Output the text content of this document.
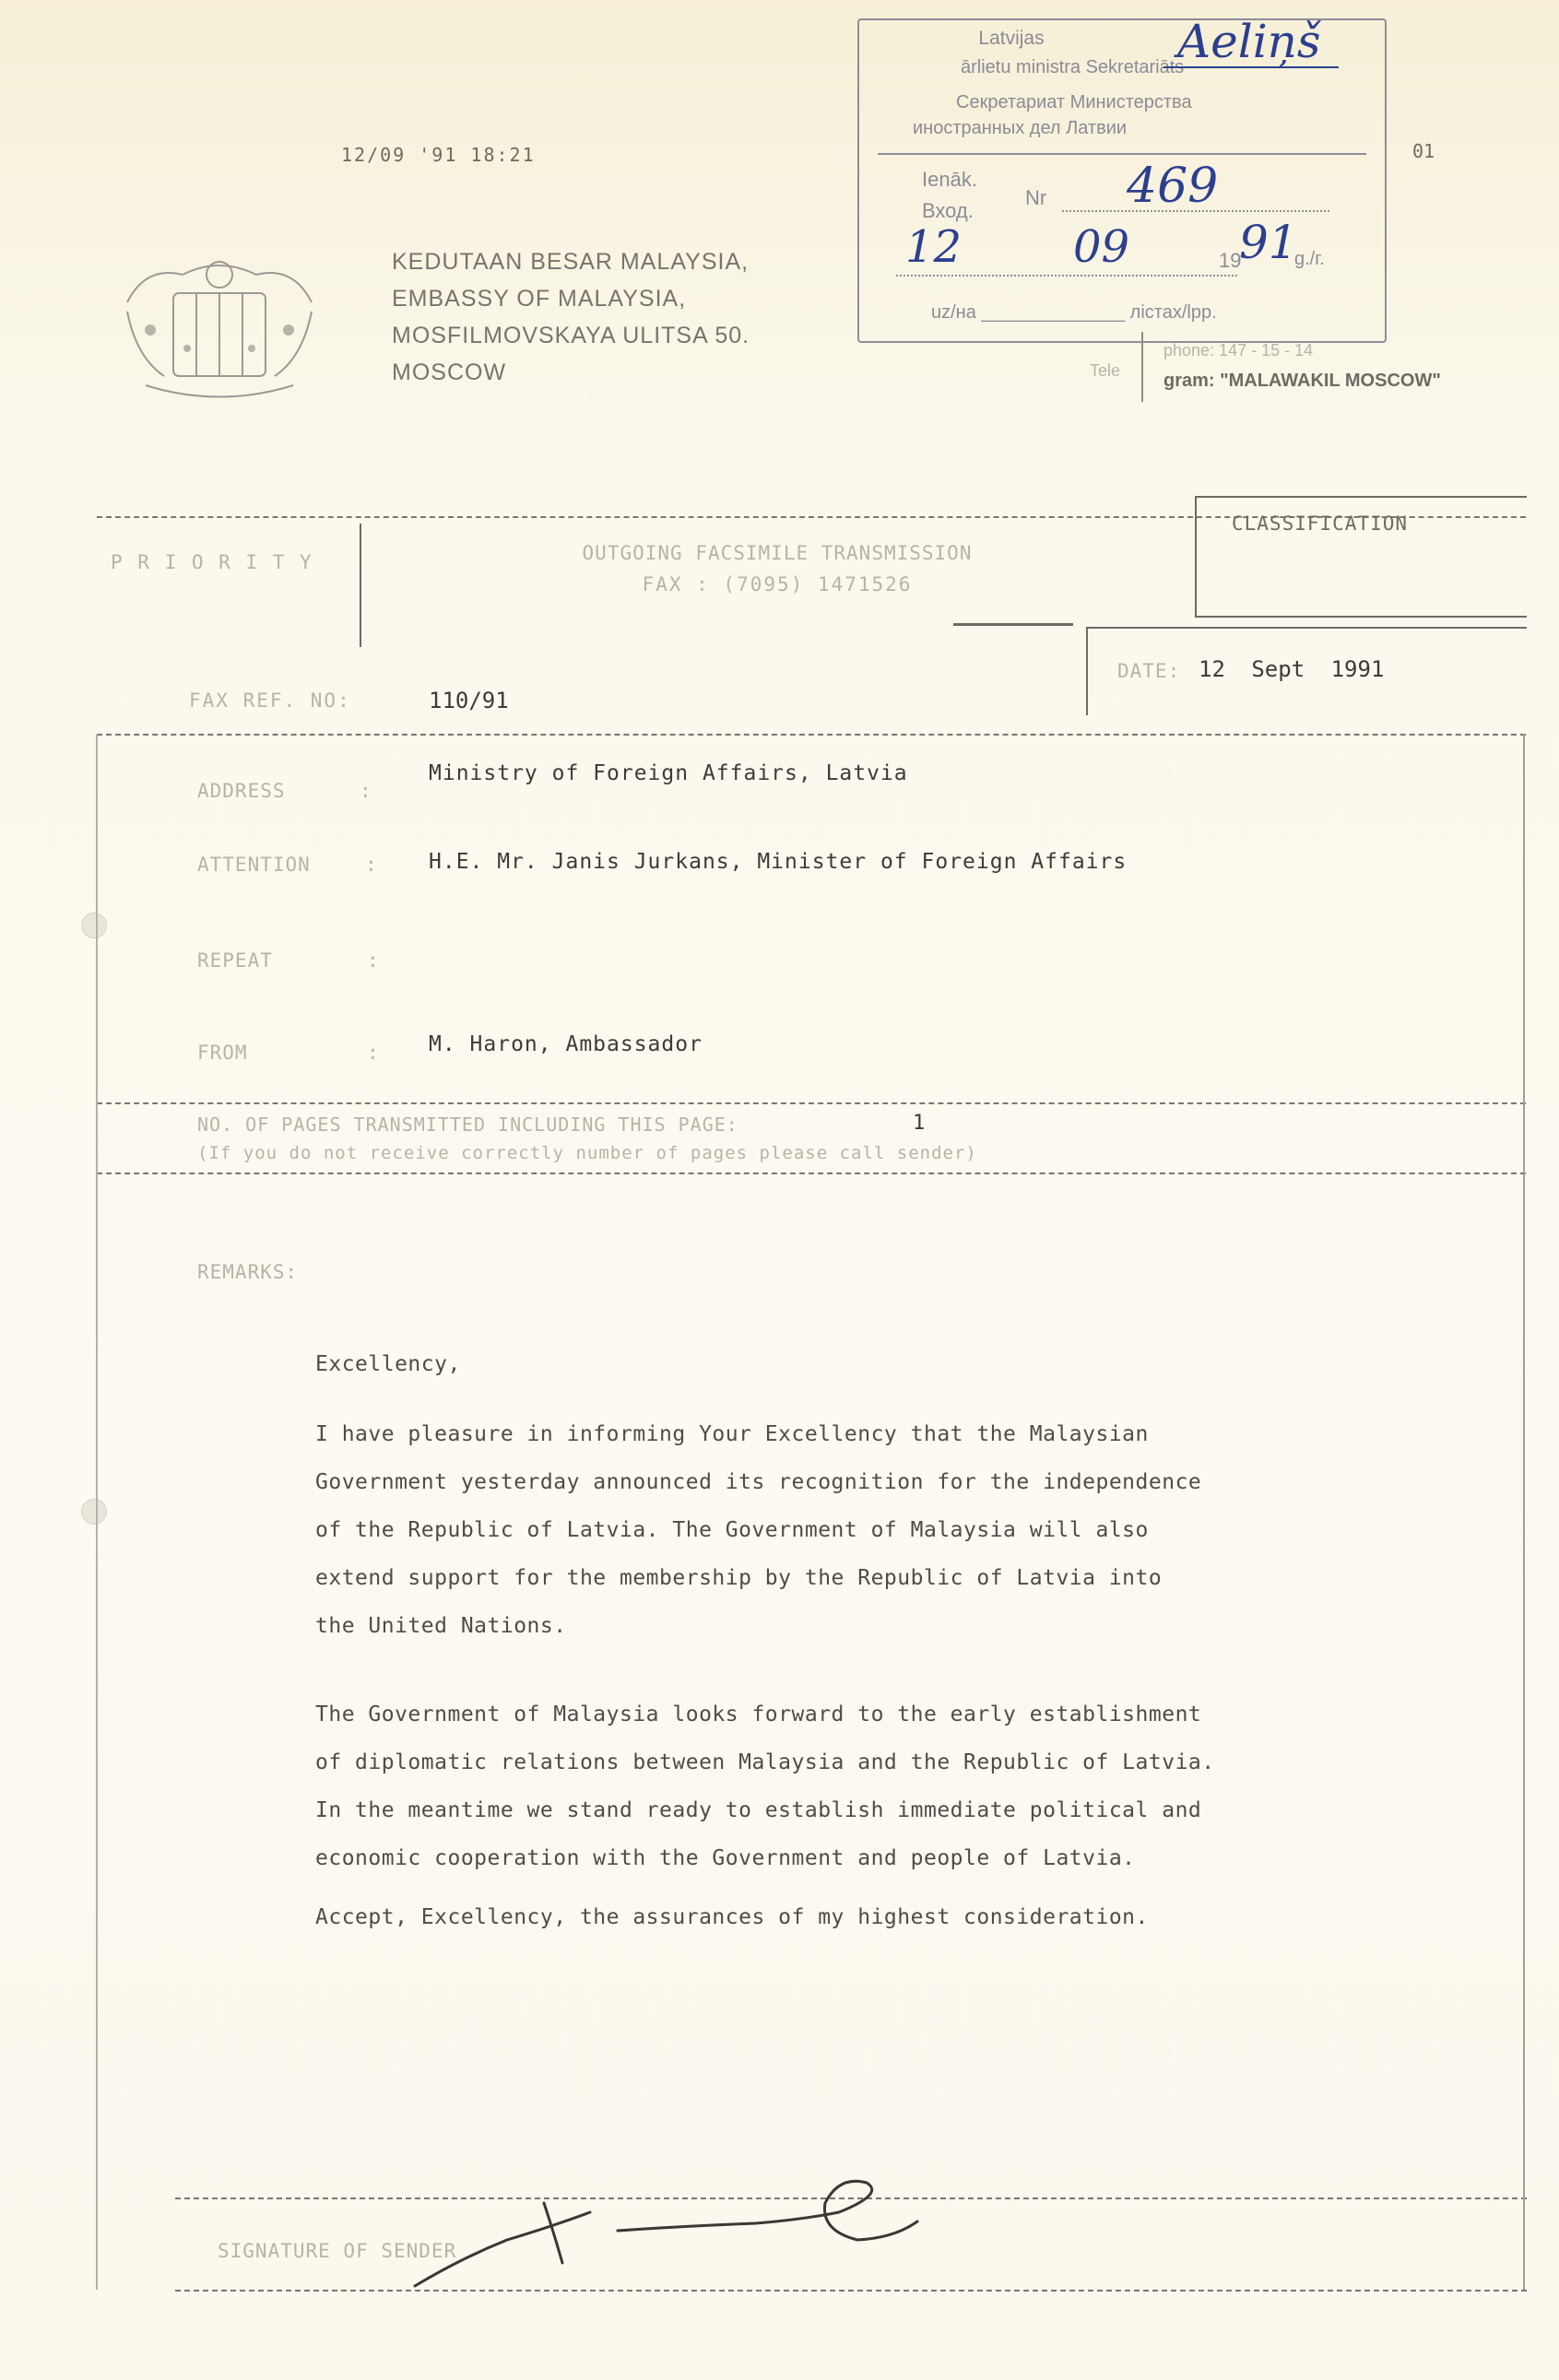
12/09 '91 18:21	01
KEDUTAAN BESAR MALAYSIA,
EMBASSY OF MALAYSIA,
MOSFILMOVSKAYA ULITSA 50.
MOSCOW	Tele
phone: 147 - 15 - 14
gram: "MALAWAKIL MOSCOW"
Latvijas
ārlietu ministra Sekretariāts
Секретариат Министерства
иностранных дел Латвии
Ienāk.
Вход.
Nr 469
12	09	19
91
g./г.
uz/на ______________ лістах/lpp.
Aeliņš
P R I O R I T Y	OUTGOING FACSIMILE TRANSMISSION
FAX : (7095) 1471526
CLASSIFICATION
FAX REF. NO:	110/91
DATE: 12 Sept 1991
ADDRESS	:
Ministry of Foreign Affairs, Latvia
ATTENTION	: H.E. Mr. Janis Jurkans, Minister of Foreign Affairs
REPEAT	:
FROM	: M. Haron, Ambassador
NO. OF PAGES TRANSMITTED INCLUDING THIS PAGE:	1
(If you do not receive correctly number of pages please call sender)
REMARKS:
Excellency,
I have pleasure in informing Your Excellency that the Malaysian
Government yesterday announced its recognition for the independence
of the Republic of Latvia. The Government of Malaysia will also
extend support for the membership by the Republic of Latvia into
the United Nations.
The Government of Malaysia looks forward to the early establishment
of diplomatic relations between Malaysia and the Republic of Latvia.
In the meantime we stand ready to establish immediate political and
economic cooperation with the Government and people of Latvia.
Accept, Excellency, the assurances of my highest consideration.
SIGNATURE OF SENDER
